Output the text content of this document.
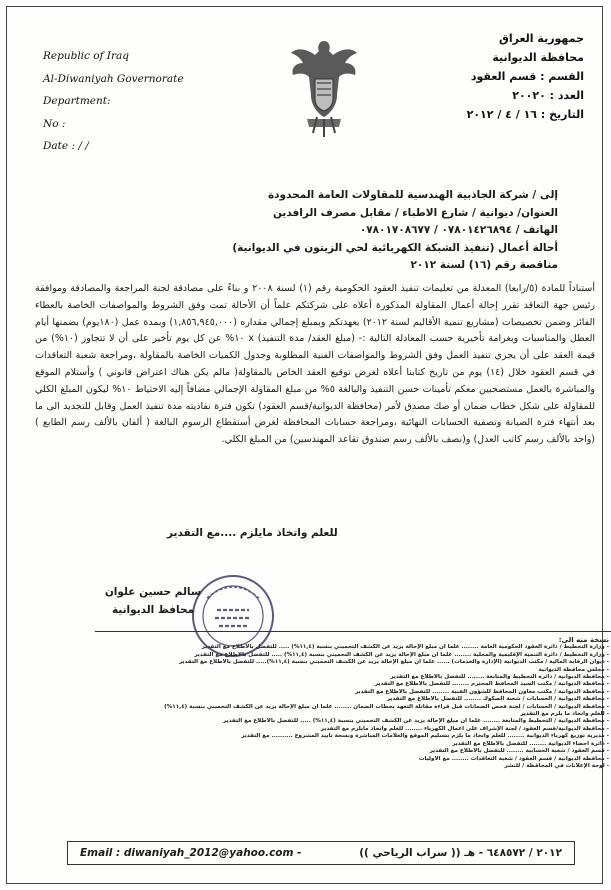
Republic of Iraq
Al-Diwaniyah Governorate
Department:
No :
Date : / /
جمهورية العراق
محافظة الديوانية
القسم : قسم العقود
العدد : ٢٠٠٢٠
التاريخ : ١٦ / ٤ / ٢٠١٢
إلى / شركة الجاذبية الهندسية للمقاولات العامة المحدودة
العنوان/ ديوانية / شارع الاطباء / مقابل مصرف الرافدين
الهاتف / ٠٧٨٠١٤٢٦٨٩٤ / ٠٧٨٠١٧٠٨٦٧٧
أحالة أعمال (تنفيذ الشبكة الكهربائية لحي الزيتون في الديوانية)
مناقصة رقم (١٦) لسنة ٢٠١٢
أستناداً للمادة (٥/رابعا) المعدلة من تعليمات تنفيذ العقود الحكومية رقم (١) لسنة ٢٠٠٨ و بناءً على مصادقة لجنة المراجعة والمصادقة وموافقة رئيس جهة التعاقد تقرر إحالة أعمال المقاولة المذكورة أعلاه على شركتكم علماً أن الأحالة تمت وفق الشروط والمواصفات الخاصة بالعطاء الفائز وضمن تخصيصات (مشاريع تنمية الأقاليم لسنة ٢٠١٢) بعهدتكم وبمبلغ إجمالي مقداره (١,٨٥٦,٩٤٥,٠٠٠) وبمدة عمل (١٨٠يوم) بضمنها أيام العطل والمناسبات وبغرامة تأخيرية حسب المعادلة التالية :- (مبلغ العقد/ مدة التنفيذ) x ١٠% عن كل يوم تأخير على أن لا تتجاوز (١٠%) من قيمة العقد على أن يجري تنفيذ العمل وفق الشروط والمواصفات الفنية المطلوبة وجدول الكميات الخاصة بالمقاولة ،ومراجعة شعبة التعاقدات في قسم العقود خلال (١٤) يوم من تاريخ كتابنا أعلاه لغرض توقيع العقد الخاص بالمقاولة( مالم يكن هناك اعتراض قانوني ) وأستلام الموقع والمباشرة بالعمل مستصحبين معكم تأمينات حسن التنفيذ والبالغة ٥% من مبلغ المقاولة الإجمالي مضافاً إليه الاحتياط ١٠% ليكون المبلغ الكلي للمقاولة على شكل خطاب ضمان أو صك مصدق لأمر (محافظة الديوانية/قسم العقود) تكون فترة نفاذيته مدة تنفيذ العمل وقابل للتجديد الى ما بعد أنتهاء فترة الصيانة وتصفية الحسابات النهائية ،ومراجعة حسابات المحافظة لغرض أستقطاع الرسوم البالغة ( ألفان بالألف رسم الطابع ) (واحد بالألف رسم كاتب العدل) و(نصف بالألف رسم صندوق تقاعد المهندسين) من المبلغ الكلي.
للعلم واتخاذ مايلزم ....مع التقدير
سالم حسين علوان
محافظ الديوانية
نسخة منه الى:
- وزارة التخطيط / دائرة العقود الحكومية العامة ........ علماً ان مبلغ الإحالة يزيد عن الكشف التخميني بنسبة (١١,٤%) ..... للتفضل بالاطلاع مع التقدير
- وزارة التخطيط / دائرة التنمية الإقليمية والمحلية ........ علماً ان مبلغ الإحالة يزيد عن الكشف التخميني بنسبة (١١,٤%) ..... للتفضل بالاطلاع مع التقدير
- ديوان الرقابة المالية / مكتب الديوانية (الإدارة والخدمات) ...... علماً أن مبلغ الإحالة يزيد عن الكشف التخميني بنسبة (١١,٤%)..... للتفضل بالاطلاع مع التقدير
- مجلس محافظة الديوانية
- محافظة الديوانية / دائرة التخطيط والمتابعة ........ للتفضل بالاطلاع مع التقدير
- محافظة الديوانية / مكتب السيد المحافظ المحترم ........ للتفضل بالاطلاع مع التقدير
- محافظة الديوانية / مكتب معاون المحافظ للشؤون الفنية ........ للتفضل بالاطلاع مع التقدير
- محافظة الديوانية / الحسابات / شعبة الصكوك ........ للتفضل بالاطلاع مع التقدير
- محافظة الديوانية / الحسابات / لجنة فحص الضمانات قبل قراءة مقاتلة التعهد بخطاب الضمان ........ علماً ان مبلغ الإحالة يزيد عن الكشف التخميني بنسبة (١١,٤%)
- للعلم واتخاذ ما يلزم مع التقدير
- محافظة الديوانية / التخطيط والمتابعة ........ علماً ان مبلغ الإحالة يزيد عن الكشف التخميني بنسبة (١١,٤%) ..... للتفضل بالاطلاع مع التقدير
- محافظة الديوانية/قسم العقود / لجنة الإشراف على أعمال الكهرباء ........ للعلم واتخاذ مايلزم مع التقدير
- مديرية توزيع كهرباء الديوانية ........ للعلم واتخاذ ما يلزم بتسليم الموقع والعلامات المباشرة ونسخة تأييد المشروع .......... مع التقدير
- دائرة أحصاء الديوانية ........ للتفضل بالاطلاع مع التقدير
- قسم العقود / شعبة الحسابية ........ للتفضل بالاطلاع مع التقدير
- محافظة الديوانية / قسم العقود / شعبة التعاقدات ........ مع الأوليات
- لوحة الإعلانات في المحافظة / للنشر
Email : diwaniyah_2012@yahoo.com -	(( سراب الرياحي )) ٢٠١٢ / ٦٤٨٥٧٢ - هـ
